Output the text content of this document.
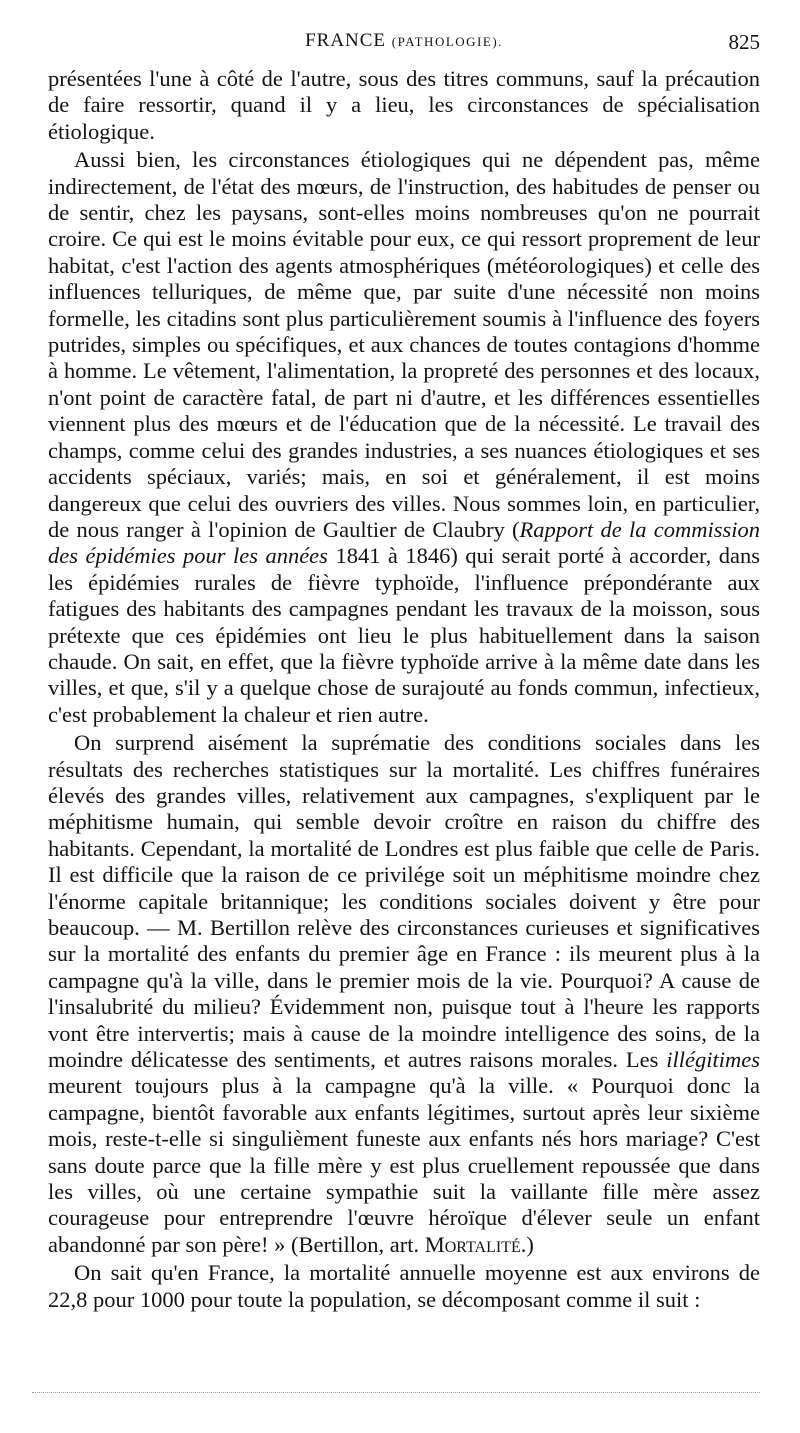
FRANCE (PATHOLOGIE).	825

présentées l'une à côté de l'autre, sous des titres communs, sauf la précaution de faire ressortir, quand il y a lieu, les circonstances de spécialisation étiologique.

Aussi bien, les circonstances étiologiques qui ne dépendent pas, même indirectement, de l'état des mœurs, de l'instruction, des habitudes de penser ou de sentir, chez les paysans, sont-elles moins nombreuses qu'on ne pourrait croire. Ce qui est le moins évitable pour eux, ce qui ressort proprement de leur habitat, c'est l'action des agents atmosphériques (météorologiques) et celle des influences telluriques, de même que, par suite d'une nécessité non moins formelle, les citadins sont plus particulièrement soumis à l'influence des foyers putrides, simples ou spécifiques, et aux chances de toutes contagions d'homme à homme. Le vêtement, l'alimentation, la propreté des personnes et des locaux, n'ont point de caractère fatal, de part ni d'autre, et les différences essentielles viennent plus des mœurs et de l'éducation que de la nécessité. Le travail des champs, comme celui des grandes industries, a ses nuances étiologiques et ses accidents spéciaux, variés; mais, en soi et généralement, il est moins dangereux que celui des ouvriers des villes. Nous sommes loin, en particulier, de nous ranger à l'opinion de Gaultier de Claubry (Rapport de la commission des épidémies pour les années 1841 à 1846) qui serait porté à accorder, dans les épidémies rurales de fièvre typhoïde, l'influence prépondérante aux fatigues des habitants des campagnes pendant les travaux de la moisson, sous prétexte que ces épidémies ont lieu le plus habituellement dans la saison chaude. On sait, en effet, que la fièvre typhoïde arrive à la même date dans les villes, et que, s'il y a quelque chose de surajouté au fonds commun, infectieux, c'est probablement la chaleur et rien autre.

On surprend aisément la suprématie des conditions sociales dans les résultats des recherches statistiques sur la mortalité. Les chiffres funéraires élevés des grandes villes, relativement aux campagnes, s'expliquent par le méphitisme humain, qui semble devoir croître en raison du chiffre des habitants. Cependant, la mortalité de Londres est plus faible que celle de Paris. Il est difficile que la raison de ce privilége soit un méphitisme moindre chez l'énorme capitale britannique; les conditions sociales doivent y être pour beaucoup. — M. Bertillon relève des circonstances curieuses et significatives sur la mortalité des enfants du premier âge en France : ils meurent plus à la campagne qu'à la ville, dans le premier mois de la vie. Pourquoi? A cause de l'insalubrité du milieu? Évidemment non, puisque tout à l'heure les rapports vont être intervertis; mais à cause de la moindre intelligence des soins, de la moindre délicatesse des sentiments, et autres raisons morales. Les illégitimes meurent toujours plus à la campagne qu'à la ville. « Pourquoi donc la campagne, bientôt favorable aux enfants légitimes, surtout après leur sixième mois, reste-t-elle si singulièment funeste aux enfants nés hors mariage? C'est sans doute parce que la fille mère y est plus cruellement repoussée que dans les villes, où une certaine sympathie suit la vaillante fille mère assez courageuse pour entreprendre l'œuvre héroïque d'élever seule un enfant abandonné par son père! » (Bertillon, art. Mortalité.)

On sait qu'en France, la mortalité annuelle moyenne est aux environs de 22,8 pour 1000 pour toute la population, se décomposant comme il suit :
